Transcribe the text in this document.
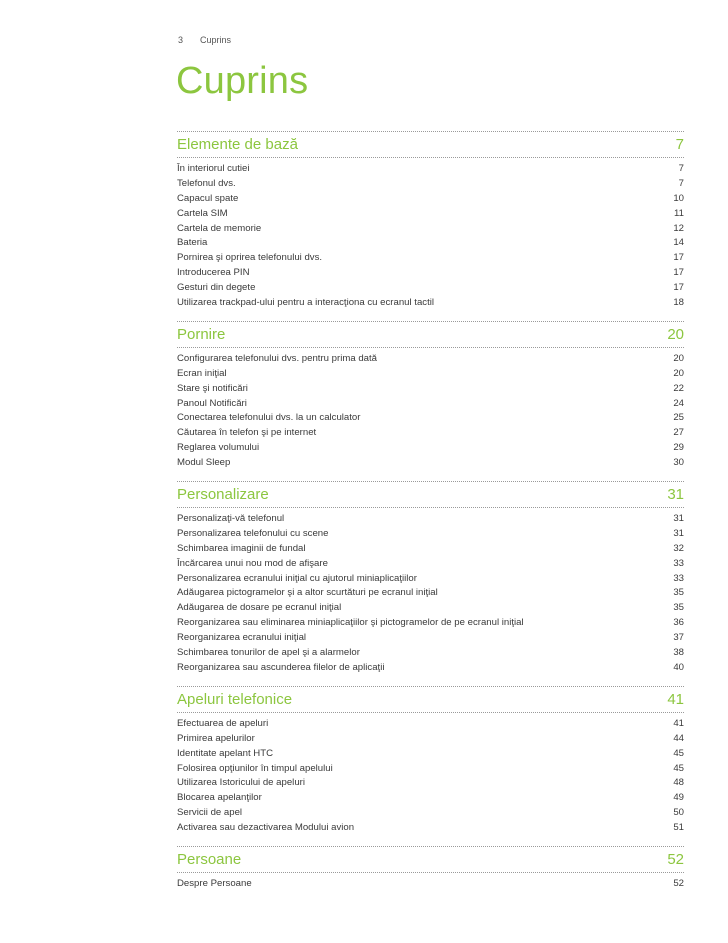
3	Cuprins
Cuprins
Elemente de bază	7
În interiorul cutiei	7
Telefonul dvs.	7
Capacul spate	10
Cartela SIM	11
Cartela de memorie	12
Bateria	14
Pornirea şi oprirea telefonului dvs.	17
Introducerea PIN	17
Gesturi din degete	17
Utilizarea trackpad-ului pentru a interacţiona cu ecranul tactil	18
Pornire	20
Configurarea telefonului dvs. pentru prima dată	20
Ecran iniţial	20
Stare şi notificări	22
Panoul Notificări	24
Conectarea telefonului dvs. la un calculator	25
Căutarea în telefon şi pe internet	27
Reglarea volumului	29
Modul Sleep	30
Personalizare	31
Personalizaţi-vă telefonul	31
Personalizarea telefonului cu scene	31
Schimbarea imaginii de fundal	32
Încărcarea unui nou mod de afişare	33
Personalizarea ecranului iniţial cu ajutorul miniaplicaţiilor	33
Adăugarea pictogramelor şi a altor scurtături pe ecranul iniţial	35
Adăugarea de dosare pe ecranul iniţial	35
Reorganizarea sau eliminarea miniaplicaţiilor şi pictogramelor de pe ecranul iniţial	36
Reorganizarea ecranului iniţial	37
Schimbarea tonurilor de apel şi a alarmelor	38
Reorganizarea sau ascunderea filelor de aplicaţii	40
Apeluri telefonice	41
Efectuarea de apeluri	41
Primirea apelurilor	44
Identitate apelant HTC	45
Folosirea opţiunilor în timpul apelului	45
Utilizarea Istoricului de apeluri	48
Blocarea apelanţilor	49
Servicii de apel	50
Activarea sau dezactivarea Modului avion	51
Persoane	52
Despre Persoane	52
